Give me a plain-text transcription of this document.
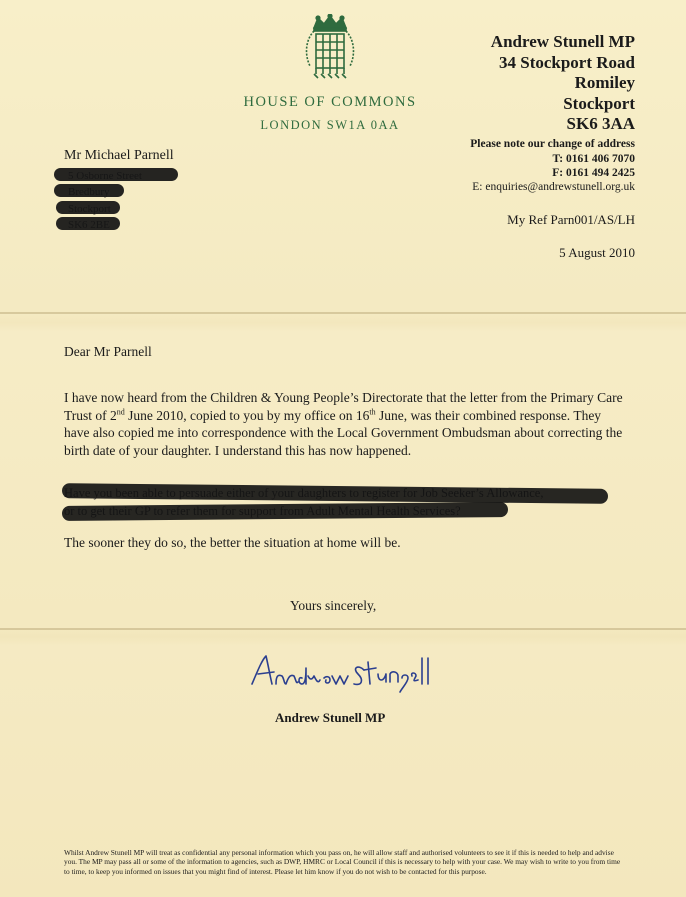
HOUSE OF COMMONS
LONDON SW1A 0AA
Andrew Stunell MP
34 Stockport Road
Romiley
Stockport
SK6 3AA
Please note our change of address
T: 0161 406 7070
F: 0161 494 2425
E: enquiries@andrewstunell.org.uk
My Ref Parn001/AS/LH
5 August 2010
Mr Michael Parnell
Dear Mr Parnell
I have now heard from the Children & Young People’s Directorate that the letter from the Primary Care Trust of 2nd June 2010, copied to you by my office on 16th June, was their combined response. They have also copied me into correspondence with the Local Government Ombudsman about correcting the birth date of your daughter. I understand this has now happened.
The sooner they do so, the better the situation at home will be.
Yours sincerely,
Andrew Stunell MP
Whilst Andrew Stunell MP will treat as confidential any personal information which you pass on, he will allow staff and authorised volunteers to see it if this is needed to help and advise you. The MP may pass all or some of the information to agencies, such as DWP, HMRC or Local Council if this is necessary to help with your case. We may wish to write to you from time to time, to keep you informed on issues that you might find of interest. Please let him know if you do not wish to be contacted for this purpose.
